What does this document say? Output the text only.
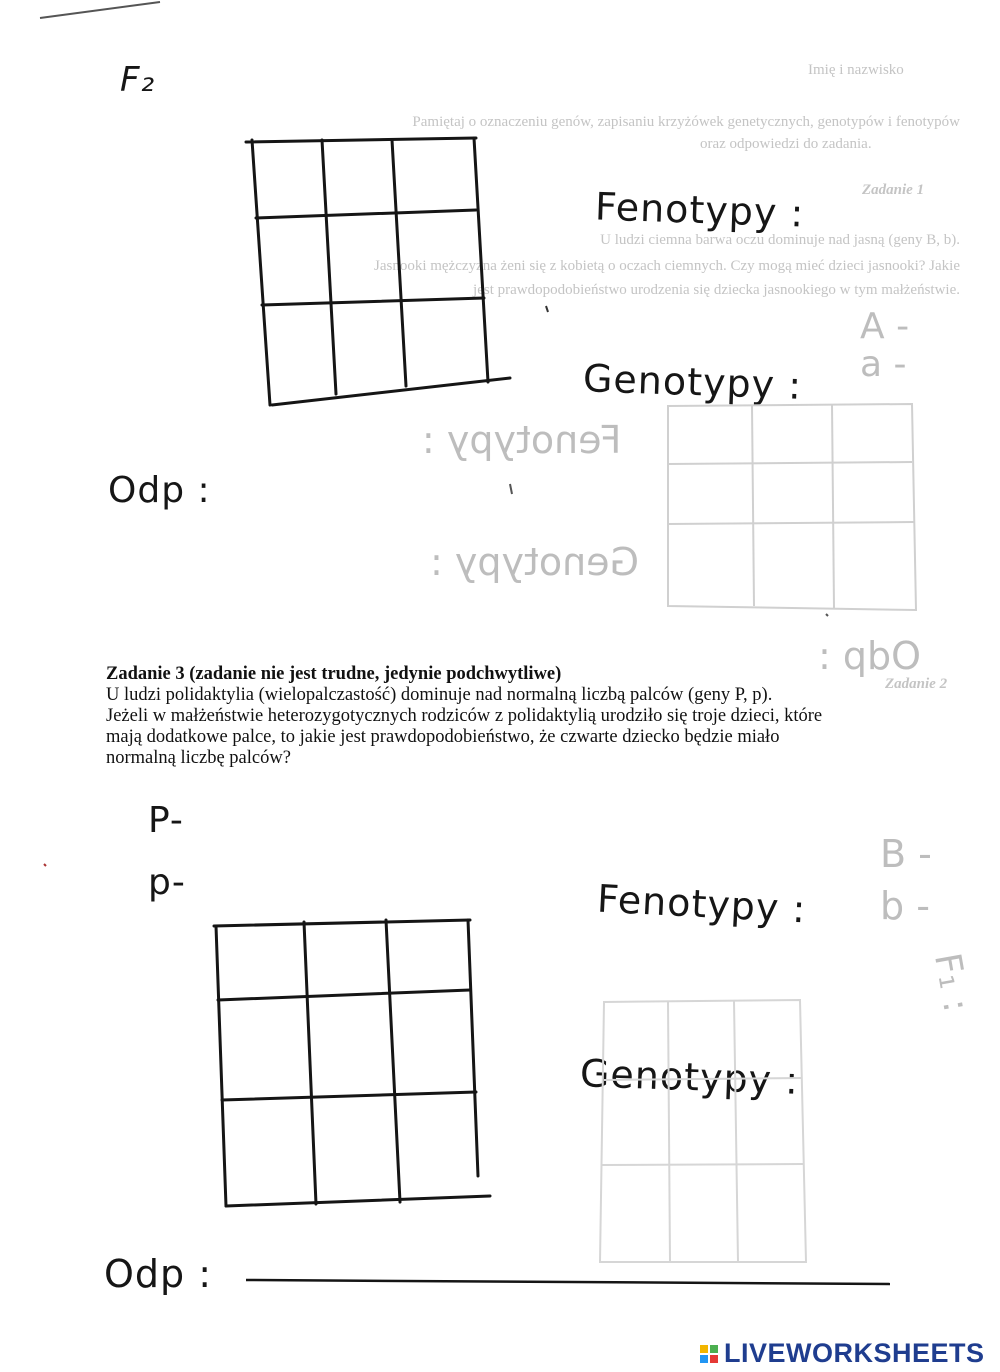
Imię i nazwisko
Pamiętaj o oznaczeniu genów, zapisaniu krzyżówek genetycznych, genotypów i fenotypów
oraz odpowiedzi do zadania.
Zadanie 1
U ludzi ciemna barwa oczu dominuje nad jasną (geny B, b).
Jasnooki mężczyzna żeni się z kobietą o oczach ciemnych. Czy mogą mieć dzieci jasnooki? Jakie
jest prawdopodobieństwo urodzenia się dziecka jasnookiego w tym małżeństwie.
A -
a -
Fenotypy :
Genotypy :
Odp :
Zadanie 2
B -
b -
F₁ :
F₂
Fenotypy :
Genotypy :
Odp :

Zadanie 3 (zadanie nie jest trudne, jedynie podchwytliwe)

U ludzi polidaktylia (wielopalczastość) dominuje nad normalną liczbą palców (geny P, p).

Jeżeli w małżeństwie heterozygotycznych rodziców z polidaktylią urodziło się troje dzieci, które

mają dodatkowe palce, to jakie jest prawdopodobieństwo, że czwarte dziecko będzie miało

normalną liczbę palców?

P-
p-	Fenotypy :
Genotypy :
Odp :
LIVEWORKSHEETS
